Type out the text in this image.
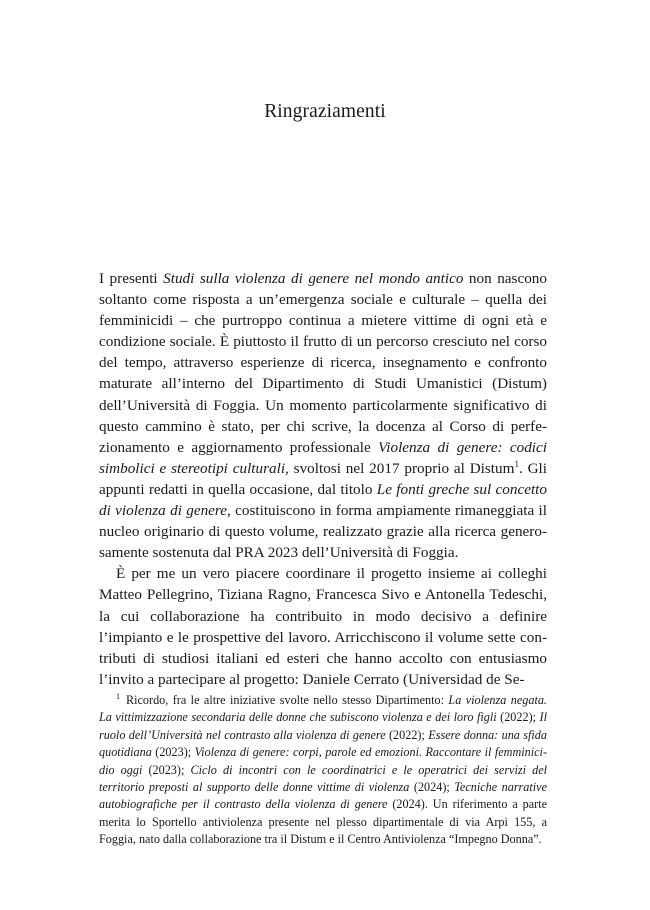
Ringraziamenti

I presenti Studi sulla violenza di genere nel mondo antico non nascono soltanto come risposta a un’emergenza sociale e culturale – quella dei femminicidi – che purtroppo continua a mietere vittime di ogni età e condizione sociale. È piuttosto il frutto di un percorso cresciuto nel corso del tempo, attraverso esperienze di ricerca, insegnamento e confronto maturate all’interno del Dipartimento di Studi Umanistici (Distum) dell’Università di Foggia. Un momento particolarmente significativo di questo cammino è stato, per chi scrive, la docenza al Corso di perfezionamento e aggiornamento professionale Violenza di genere: codici simbolici e stereotipi culturali, svoltosi nel 2017 proprio al Distum$^1$. Gli appunti redatti in quella occasione, dal titolo Le fonti greche sul concetto di violenza di genere, costituiscono in forma ampiamente rimaneggiata il nucleo originario di questo volume, realizzato grazie alla ricerca generosamente sostenuta dal PRA 2023 dell’Università di Foggia.

È per me un vero piacere coordinare il progetto insieme ai colleghi Matteo Pellegrino, Tiziana Ragno, Francesca Sivo e Antonella Tedeschi, la cui collaborazione ha contribuito in modo decisivo a definire l’impianto e le prospettive del lavoro. Arricchiscono il volume sette contributi di studiosi italiani ed esteri che hanno accolto con entusiasmo l’invito a partecipare al progetto: Daniele Cerrato (Universidad de Se-

$^1$ Ricordo, fra le altre iniziative svolte nello stesso Dipartimento: La violenza negata. La vittimizzazione secondaria delle donne che subiscono violenza e dei loro figli (2022); Il ruolo dell’Università nel contrasto alla violenza di genere (2022); Essere donna: una sfida quotidiana (2023); Violenza di genere: corpi, parole ed emozioni. Raccontare il femminicidio oggi (2023); Ciclo di incontri con le coordinatrici e le operatrici dei servizi del territorio preposti al supporto delle donne vittime di violenza (2024); Tecniche narrative autobiografiche per il contrasto della violenza di genere (2024). Un riferimento a parte merita lo Sportello antiviolenza presente nel plesso dipartimentale di via Arpi 155, a Foggia, nato dalla collaborazione tra il Distum e il Centro Antiviolenza “Impegno Donna”.
